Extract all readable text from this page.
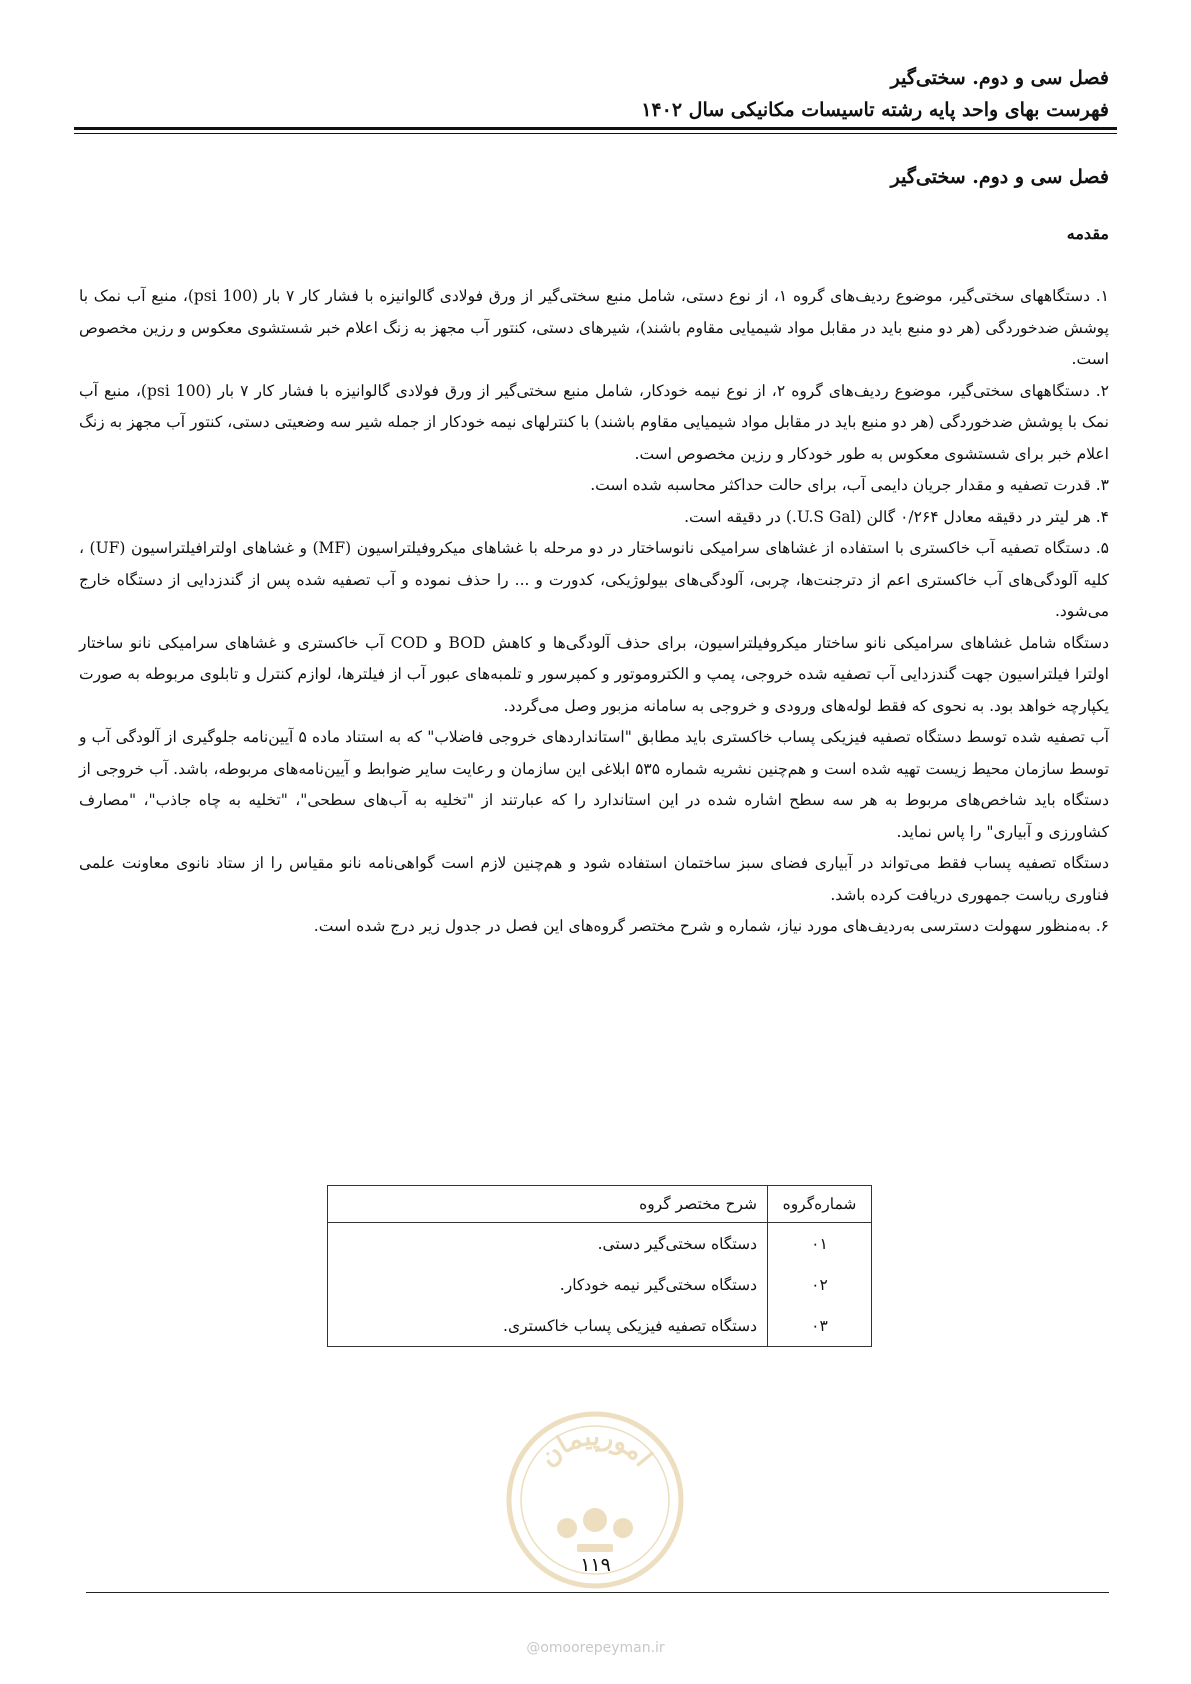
فصل سی و دوم. سختی‌گیر
فهرست بهای واحد پایه رشته تاسیسات مکانیکی سال ۱۴۰۲
فصل سی و دوم. سختی‌گیر
مقدمه

۱. دستگاههای سختی‌گیر، موضوع ردیف‌های گروه ۱، از نوع دستی، شامل منبع سختی‌گیر از ورق فولادی گالوانیزه با فشار کار ۷ بار (100 psi)، منبع آب نمک با پوشش ضدخوردگی (هر دو منبع باید در مقابل مواد شیمیایی مقاوم باشند)، شیرهای دستی، کنتور آب مجهز به زنگ اعلام خبر شستشوی معکوس و رزین مخصوص است.

۲. دستگاههای سختی‌گیر، موضوع ردیف‌های گروه ۲، از نوع نیمه خودکار، شامل منبع سختی‌گیر از ورق فولادی گالوانیزه با فشار کار ۷ بار (100 psi)، منبع آب نمک با پوشش ضدخوردگی (هر دو منبع باید در مقابل مواد شیمیایی مقاوم باشند) با کنترلهای نیمه خودکار از جمله شیر سه وضعیتی دستی، کنتور آب مجهز به زنگ اعلام خبر برای شستشوی معکوس به طور خودکار و رزین مخصوص است.

۳. قدرت تصفیه و مقدار جریان دایمی آب، برای حالت حداکثر محاسبه شده است.

۴. هر لیتر در دقیقه معادل ۰/۲۶۴ گالن (U.S Gal.) در دقیقه است.

۵. دستگاه تصفیه آب خاکستری با استفاده از غشاهای سرامیکی نانوساختار در دو مرحله با غشاهای میکروفیلتراسیون (MF) و غشاهای اولترافیلتراسیون (UF) ، کلیه آلودگی‌های آب خاکستری اعم از دترجنت‌ها، چربی، آلودگی‌های بیولوژیکی، کدورت و ... را حذف نموده و آب تصفیه شده پس از گندزدایی از دستگاه خارج می‌شود.

دستگاه شامل غشاهای سرامیکی نانو ساختار میکروفیلتراسیون، برای حذف آلودگی‌ها و کاهش BOD و COD آب خاکستری و غشاهای سرامیکی نانو ساختار اولترا فیلتراسیون جهت گندزدایی آب تصفیه شده خروجی، پمپ و الکتروموتور و کمپرسور و تلمبه‌های عبور آب از فیلترها، لوازم کنترل و تابلوی مربوطه به صورت یکپارچه خواهد بود. به نحوی که فقط لوله‌های ورودی و خروجی به سامانه مزبور وصل می‌گردد.

آب تصفیه شده توسط دستگاه تصفیه فیزیکی پساب خاکستری باید مطابق "استانداردهای خروجی فاضلاب" که به استناد ماده ۵ آیین‌نامه جلوگیری از آلودگی آب و توسط سازمان محیط زیست تهیه شده است و هم‌چنین نشریه شماره ۵۳۵ ابلاغی این سازمان و رعایت سایر ضوابط و آیین‌نامه‌های مربوطه، باشد. آب خروجی از دستگاه باید شاخص‌های مربوط به هر سه سطح اشاره شده در این استاندارد را که عبارتند از "تخلیه به آب‌های سطحی"، "تخلیه به چاه جاذب"، "مصارف کشاورزی و آبیاری" را پاس نماید.

دستگاه تصفیه پساب فقط می‌تواند در آبیاری فضای سبز ساختمان استفاده شود و هم‌چنین لازم است گواهی‌نامه نانو مقیاس را از ستاد نانوی معاونت علمی فناوری ریاست جمهوری دریافت کرده باشد.

۶. به‌منظور سهولت دسترسی به‌ردیف‌های مورد نیاز، شماره و شرح مختصر گروه‌های این فصل در جدول زیر درج شده است.

شماره‌گروه	شرح مختصر گروه
۰۱	دستگاه سختی‌گیر دستی.
۰۲	دستگاه سختی‌گیر نیمه خودکار.
۰۳	دستگاه تصفیه فیزیکی پساب خاکستری.
امورپیمان
۱۱۹
@omoorepeyman.ir
